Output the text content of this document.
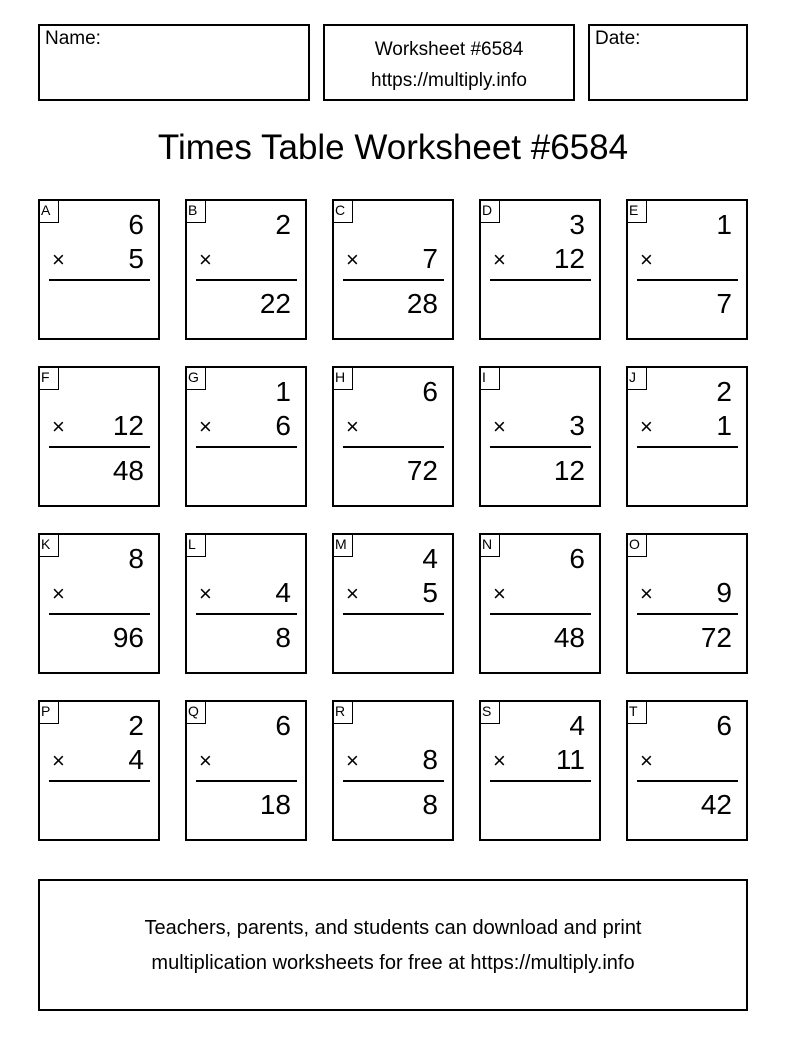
Name:
Worksheet #6584
https://multiply.info
Date:
Times Table Worksheet #6584
A	6
× 5
B	2
×
22
C
× 7
28
D	3
× 12
E	1
×
7
F
× 12
48
G	1
× 6
H	6
×
72
I
× 3
12
J	2
× 1
K	8
×
96
L
× 4
8
M	4
× 5
N	6
×
48
O
× 9
72
P	2
× 4
Q	6
×
18
R
× 8
8
S	4
× 11
T	6
×
42
Teachers, parents, and students can download and print
multiplication worksheets for free at https://multiply.info
